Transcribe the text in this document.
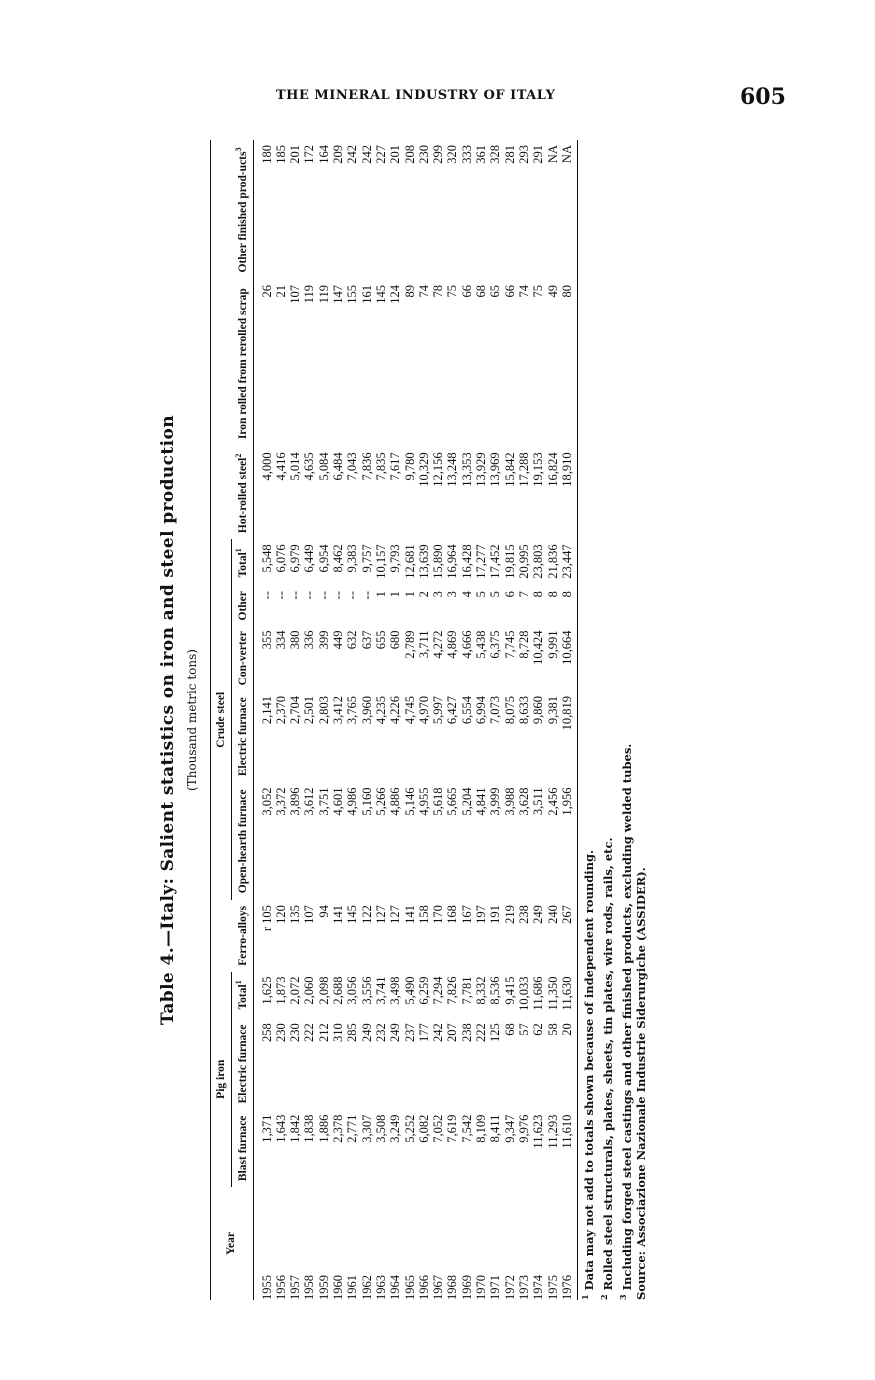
THE MINERAL INDUSTRY OF ITALY	605
Table 4.—Italy: Salient statistics on iron and steel production (Thousand metric tons)
Year	Pig iron			Ferro-alloys	Crude steel					Hot-rolled steel$^2$	Iron rolled from rerolled scrap	Other finished prod-ucts$^3$
	Blast furnace	Electric furnace	Total$^1$		Open-hearth furnace	Electric furnace	Con-verter	Other	Total$^1$
1955	1,371	258	1,625	r 105	3,052	2,141	355	--	5,548	4,000	26	180
1956	1,643	230	1,873	120	3,372	2,370	334	--	6,076	4,416	21	185
1957	1,842	230	2,072	135	3,896	2,704	380	--	6,979	5,014	107	201
1958	1,838	222	2,060	107	3,612	2,501	336	--	6,449	4,635	119	172
1959	1,886	212	2,098	94	3,751	2,803	399	--	6,954	5,084	119	164
1960	2,378	310	2,688	141	4,601	3,412	449	--	8,462	6,484	147	209
1961	2,771	285	3,056	145	4,986	3,765	632	--	9,383	7,043	155	242
1962	3,307	249	3,556	122	5,160	3,960	637	--	9,757	7,836	161	242
1963	3,508	232	3,741	127	5,266	4,235	655	1	10,157	7,835	145	227
1964	3,249	249	3,498	127	4,886	4,226	680	1	9,793	7,617	124	201
1965	5,252	237	5,490	141	5,146	4,745	2,789	1	12,681	9,780	89	208
1966	6,082	177	6,259	158	4,955	4,970	3,711	2	13,639	10,329	74	230
1967	7,052	242	7,294	170	5,618	5,997	4,272	3	15,890	12,156	78	299
1968	7,619	207	7,826	168	5,665	6,427	4,869	3	16,964	13,248	75	320
1969	7,542	238	7,781	167	5,204	6,554	4,666	4	16,428	13,353	66	333
1970	8,109	222	8,332	197	4,841	6,994	5,438	5	17,277	13,929	68	361
1971	8,411	125	8,536	191	3,999	7,073	6,375	5	17,452	13,969	65	328
1972	9,347	68	9,415	219	3,988	8,075	7,745	6	19,815	15,842	66	281
1973	9,976	57	10,033	238	3,628	8,633	8,728	7	20,995	17,288	74	293
1974	11,623	62	11,686	249	3,511	9,860	10,424	8	23,803	19,153	75	291
1975	11,293	58	11,350	240	2,456	9,381	9,991	8	21,836	16,824	49	NA
1976	11,610	20	11,630	267	1,956	10,819	10,664	8	23,447	18,910	80	NA
$^1$ Data may not add to totals shown because of independent rounding.
$^2$ Rolled steel structurals, plates, sheets, tin plates, wire rods, rails, etc.
$^3$ Including forged steel castings and other finished products, excluding welded tubes. Source: Associazione Nazionale Industrie Siderurgiche (ASSIDER).
